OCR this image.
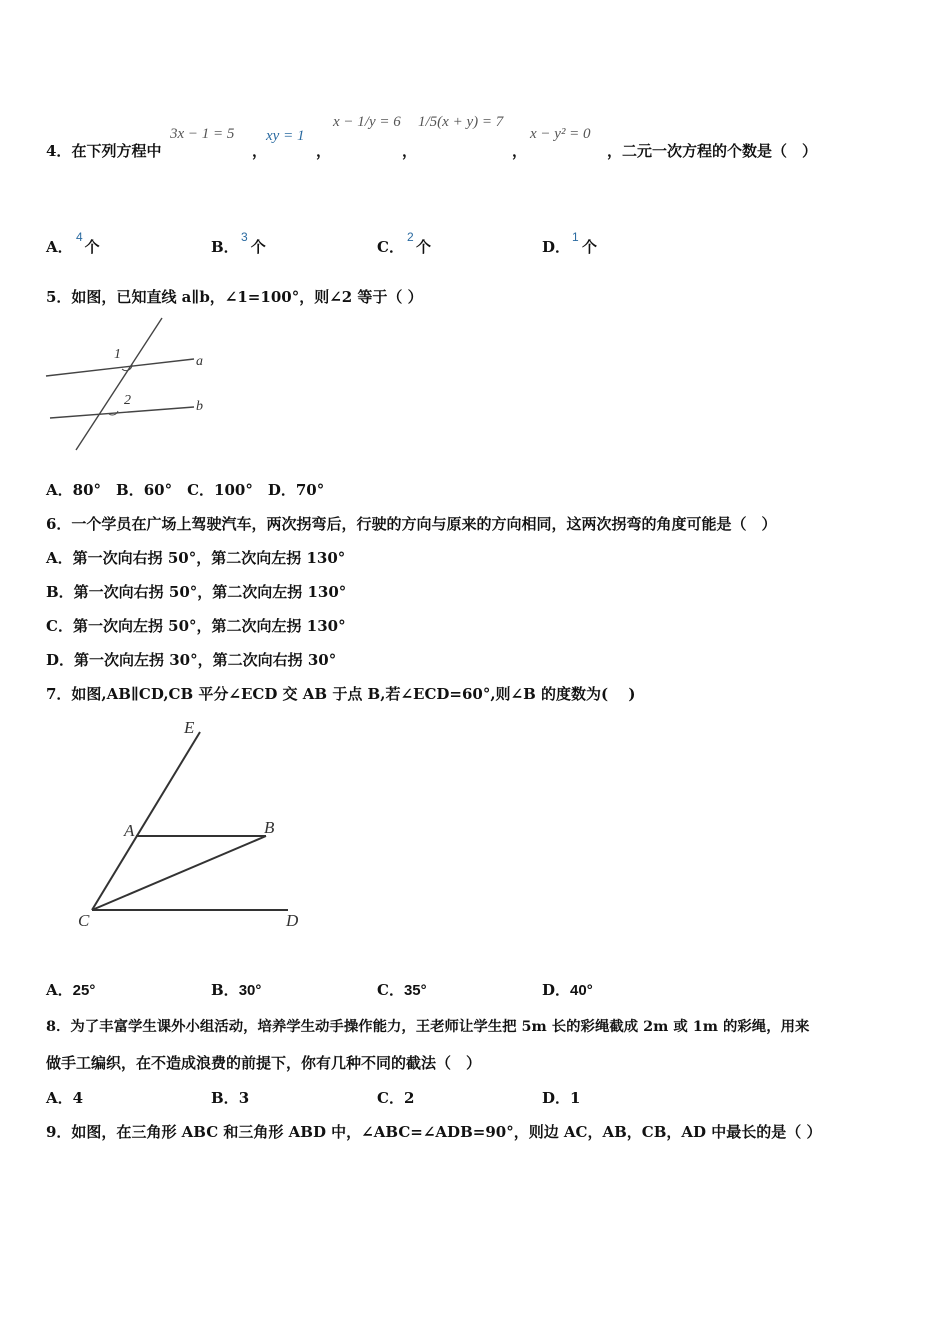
4．在下列方程中
3x − 1 = 5
，
xy = 1
，
x − 1/y = 6
，
1/5(x + y) = 7
，
x − y² = 0
，二元一次方程的个数是（　）
A．
4
个	B．
3
个	C．
2
个	D．
1
个
5．如图，已知直线 a∥b，∠1=100°，则∠2 等于（ ）
1
2
a
b
A．80°　B．60°　C．100°　D．70°
6．一个学员在广场上驾驶汽车，两次拐弯后，行驶的方向与原来的方向相同，这两次拐弯的角度可能是（　）
A．第一次向右拐 50°，第二次向左拐 130°
B．第一次向右拐 50°，第二次向左拐 130°
C．第一次向左拐 50°，第二次向左拐 130°
D．第一次向左拐 30°，第二次向右拐 30°
7．如图,AB∥CD,CB 平分∠ECD 交 AB 于点 B,若∠ECD=60°,则∠B 的度数为(　 )
E
A	B
C	D
A．25°	B．30°	C．35°	D．40°
8．为了丰富学生课外小组活动，培养学生动手操作能力，王老师让学生把 5m 长的彩绳截成 2m 或 1m 的彩绳，用来
做手工编织，在不造成浪费的前提下，你有几种不同的截法（　）
A．4	B．3	C．2	D．1
9．如图，在三角形 ABC 和三角形 ABD 中，∠ABC=∠ADB=90°，则边 AC，AB，CB，AD 中最长的是（ ）
